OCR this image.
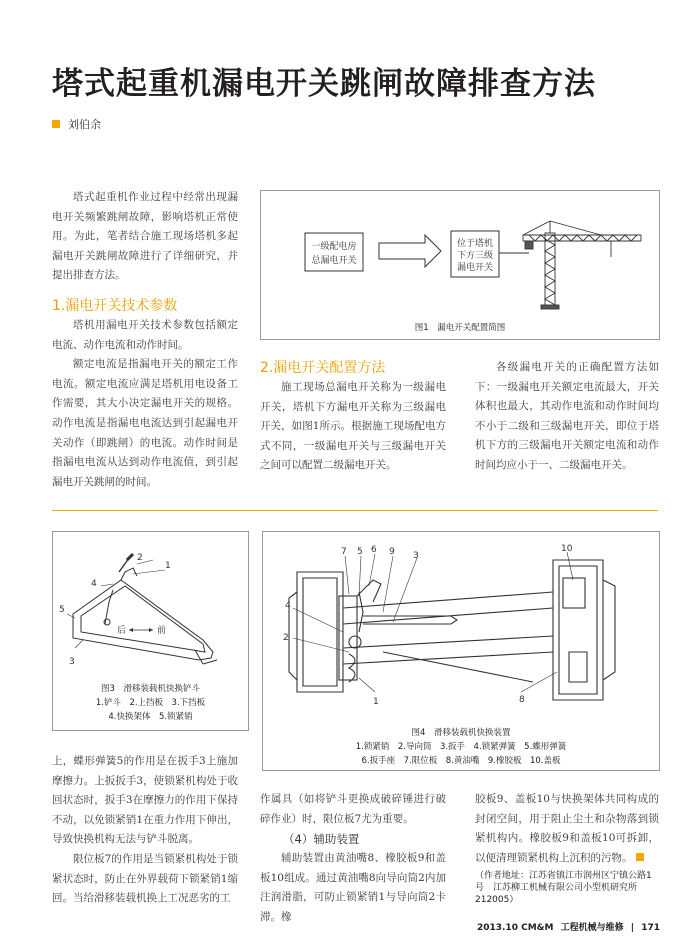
塔式起重机漏电开关跳闸故障排查方法
刘伯余

塔式起重机作业过程中经常出现漏电开关频繁跳闸故障，影响塔机正常使用。为此，笔者结合施工现场塔机多起漏电开关跳闸故障进行了详细研究，并提出排查方法。

1.漏电开关技术参数

塔机用漏电开关技术参数包括额定电流、动作电流和动作时间。

额定电流是指漏电开关的额定工作电流。额定电流应满足塔机用电设备工作需要，其大小决定漏电开关的规格。动作电流是指漏电电流达到引起漏电开关动作（即跳闸）的电流。动作时间是指漏电电流从达到动作电流值，到引起漏电开关跳闸的时间。

一级配电房
总漏电开关
位于塔机
下方三级
漏电开关
图1　漏电开关配置简图
2.漏电开关配置方法

施工现场总漏电开关称为一级漏电开关，塔机下方漏电开关称为三级漏电开关，如图1所示。根据施工现场配电方式不同，一级漏电开关与三级漏电开关之间可以配置二级漏电开关。

各级漏电开关的正确配置方法如下：一级漏电开关额定电流最大，开关体积也最大，其动作电流和动作时间均不小于二级和三级漏电开关，即位于塔机下方的三级漏电开关额定电流和动作时间均应小于一、二级漏电开关。

2
1
4
5
3
后	前
图3　滑移装载机快换铲斗
1.铲斗　2.上挡板　3.下挡板
4.快换架体　5.锁紧销
7 5 6 9 3
10
4
2
1	8
图4　滑移装载机快换装置
1.锁紧销　2.导向筒　3.扳手　4.锁紧弹簧　5.蝶形弹簧
6.扳手座　7.限位板　8.黄油嘴　9.橡胶板　10.盖板

上，蝶形弹簧5的作用是在扳手3上施加摩擦力。上扳扳手3，使锁紧机构处于收回状态时，扳手3在摩擦力的作用下保持不动，以免锁紧销1在重力作用下伸出，导致快换机构无法与铲斗脱离。

限位板7的作用是当锁紧机构处于锁紧状态时，防止在外界载荷下锁紧销1缩回。当给滑移装载机换上工况恶劣的工

作属具（如将铲斗更换成破碎锤进行破碎作业）时，限位板7尤为重要。

（4）辅助装置

辅助装置由黄油嘴8、橡胶板9和盖板10组成。通过黄油嘴8向导向筒2内加注润滑脂，可防止锁紧销1与导向筒2卡滞。橡

胶板9、盖板10与快换架体共同构成的封闭空间，用于阻止尘土和杂物落到锁紧机构内。橡胶板9和盖板10可拆卸，以便清理锁紧机构上沉积的污物。

（作者地址：江苏省镇江市润州区宁镇公路1号　江苏柳工机械有限公司小型机研究所　212005）
2013.10 CM&M 工程机械与维修 | 171
